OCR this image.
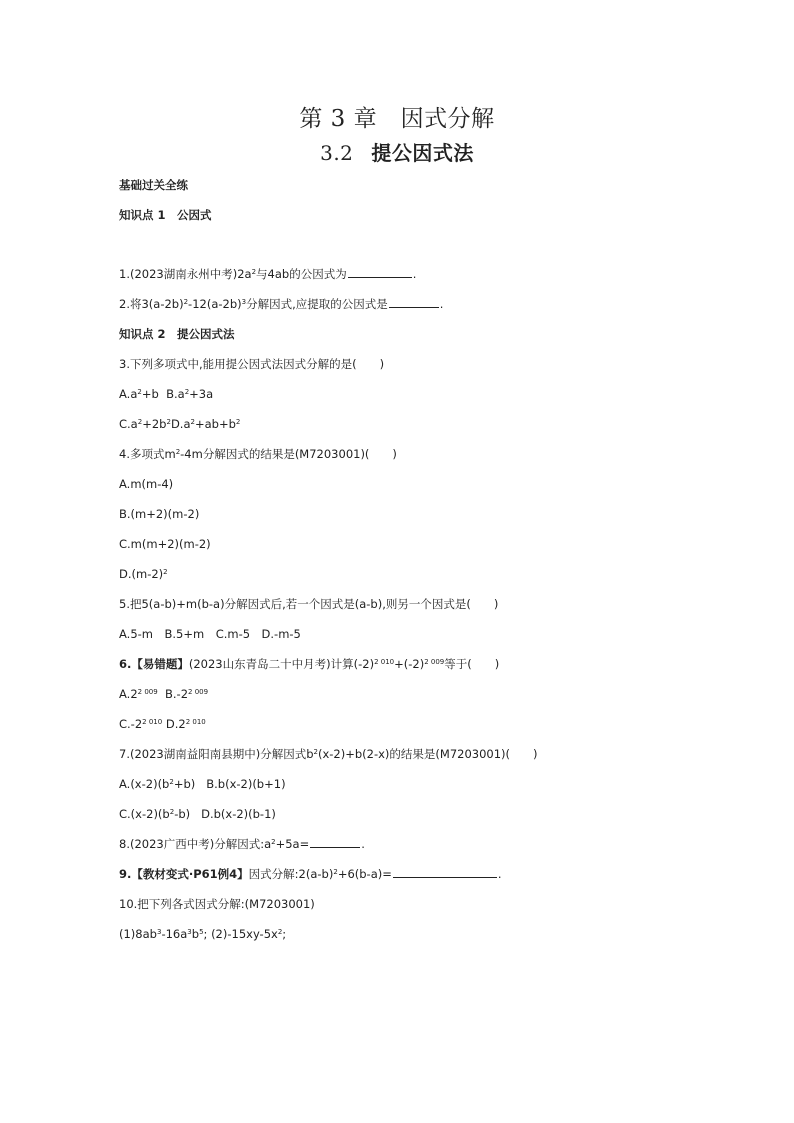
第 3 章　因式分解
3.2 提公因式法
基础过关全练
知识点 1　公因式
1.(2023湖南永州中考)$2a^2$与4ab的公因式为	.
2.将$3(a-2b)^2-12(a-2b)^3$分解因式,应提取的公因式是	.
知识点 2　提公因式法
3.下列多项式中,能用提公因式法因式分解的是(　　)
$A.a^2+b$ $B.a^2+3a$
$C.a^2+2b^2D.a^2+ab+b^2$
4.多项式$m^2-4m$分解因式的结果是(M7203001)(　　)
A.m(m-4)
B.(m+2)(m-2)
C.m(m+2)(m-2)
$D.(m-2)^2$
5.把5(a-b)+m(b-a)分解因式后,若一个因式是(a-b),则另一个因式是(　　)
A.5-m　B.5+m　C.m-5　D.-m-5
6.【易错题】(2023山东青岛二十中月考)计算$(-2)^{2 010}+(-2)^{2 009}$等于(　　)
$A.2^{2 009}$ $B.-2^{2 009}$
$C.-2^{2 010}$ $D.2^{2 010}$
7.(2023湖南益阳南县期中)分解因式$b^2(x-2)+b(2-x)$的结果是(M7203001)(　　)
$A.(x-2)(b^2+b)$ B.b(x-2)(b+1)
$C.(x-2)(b^2-b)$ D.b(x-2)(b-1)
8.(2023广西中考)分解因式$:a^2+5a=$	.
9.【教材变式·P61例4】因式分解$:2(a-b)^2+6(b-a)=$	.
10.把下列各式因式分解:(M7203001)
$(1)8ab^3-16a^3b^5$; $(2)-15xy-5x^2$;
